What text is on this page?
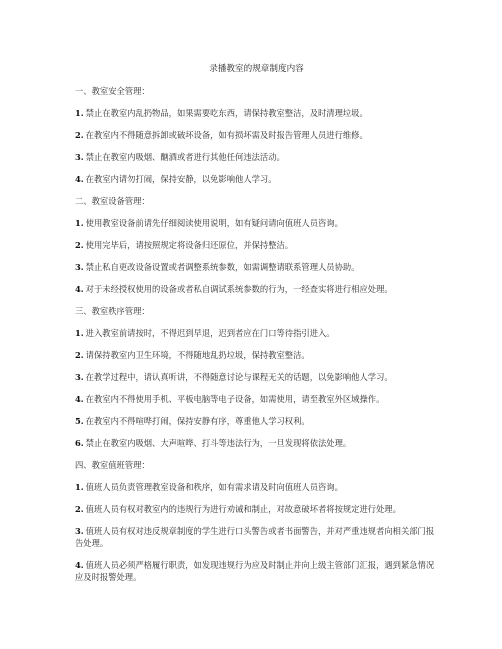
录播教室的规章制度内容
一、教室安全管理：
1. 禁止在教室内乱扔物品，如果需要吃东西，请保持教室整洁，及时清理垃圾。
2. 在教室内不得随意拆卸或破坏设备，如有损坏需及时报告管理人员进行维修。
3. 禁止在教室内吸烟、酗酒或者进行其他任何违法活动。
4. 在教室内请勿打闹，保持安静，以免影响他人学习。
二、教室设备管理：
1. 使用教室设备前请先仔细阅读使用说明，如有疑问请向值班人员咨询。
2. 使用完毕后，请按照规定将设备归还原位，并保持整洁。
3. 禁止私自更改设备设置或者调整系统参数，如需调整请联系管理人员协助。
4. 对于未经授权使用的设备或者私自调试系统参数的行为，一经查实将进行相应处理。
三、教室秩序管理：
1. 进入教室前请按时，不得迟到早退，迟到者应在门口等待指引进入。
2. 请保持教室内卫生环境，不得随地乱扔垃圾，保持教室整洁。
3. 在教学过程中，请认真听讲，不得随意讨论与课程无关的话题，以免影响他人学习。
4. 在教室内不得使用手机、平板电脑等电子设备，如需使用，请至教室外区域操作。
5. 在教室内不得喧哗打闹，保持安静有序，尊重他人学习权利。
6. 禁止在教室内吸烟、大声喧哗、打斗等违法行为，一旦发现将依法处理。
四、教室值班管理：
1. 值班人员负责管理教室设备和秩序，如有需求请及时向值班人员咨询。
2. 值班人员有权对教室内的违规行为进行劝诫和制止，对故意破坏者将按规定进行处理。
3. 值班人员有权对违反规章制度的学生进行口头警告或者书面警告，并对严重违规者向相关部门报告处理。
4. 值班人员必须严格履行职责，如发现违规行为应及时制止并向上级主管部门汇报，遇到紧急情况应及时报警处理。
